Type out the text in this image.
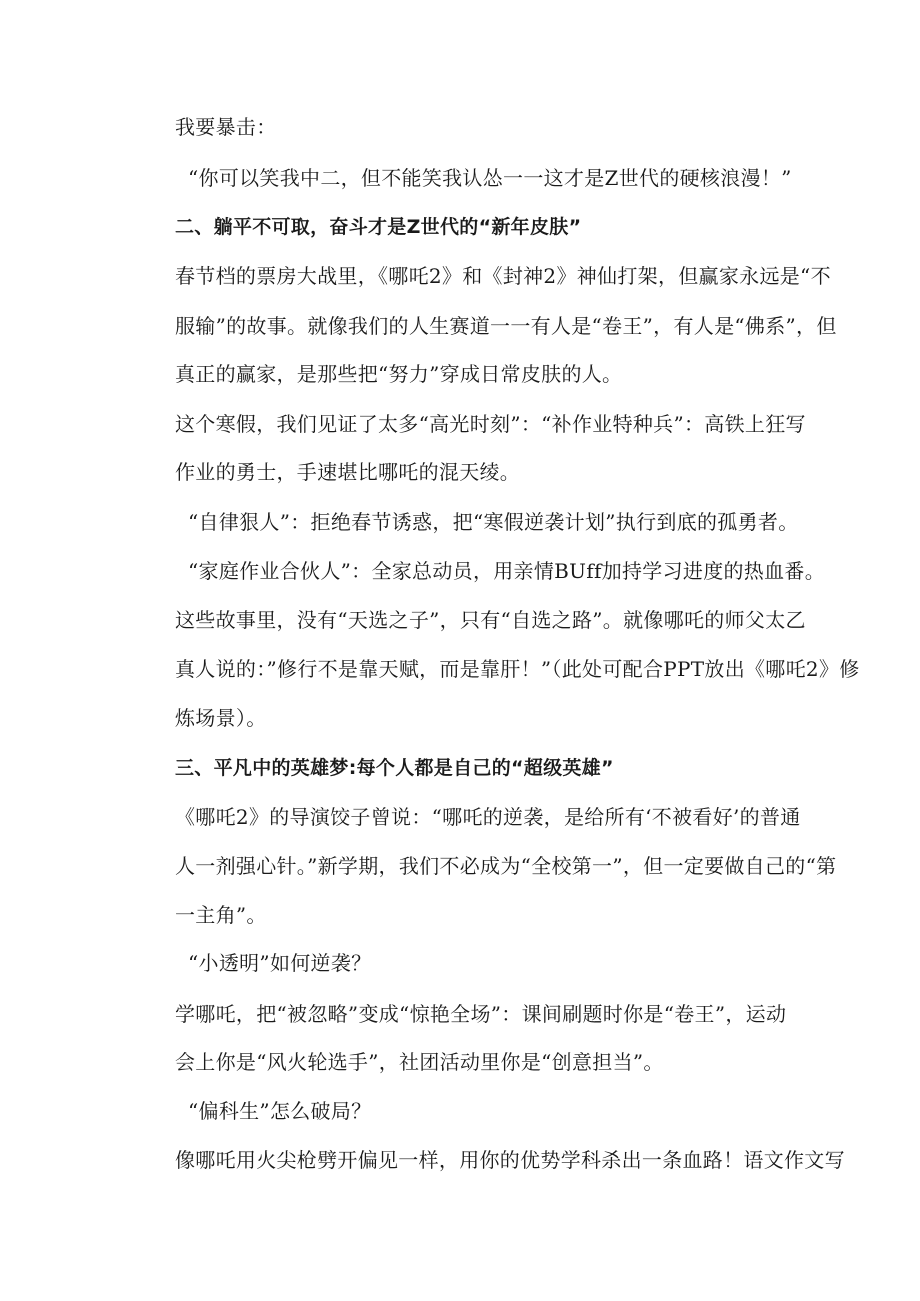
我要暴击：
“你可以笑我中二，但不能笑我认怂一一这才是Z世代的硬核浪漫！”
二、躺平不可取，奋斗才是Z世代的“新年皮肤”
春节档的票房大战里，《哪吒2》和《封神2》神仙打架，但赢家永远是“不
服输”的故事。就像我们的人生赛道一一有人是“卷王”，有人是“佛系”，但
真正的赢家，是那些把“努力”穿成日常皮肤的人。
这个寒假，我们见证了太多“高光时刻”：“补作业特种兵”：高铁上狂写
作业的勇士，手速堪比哪吒的混天绫。
“自律狠人”：拒绝春节诱惑，把“寒假逆袭计划”执行到底的孤勇者。
“家庭作业合伙人”：全家总动员，用亲情BUff加持学习进度的热血番。
这些故事里，没有“天选之子”，只有“自选之路”。就像哪吒的师父太乙
真人说的：”修行不是靠天赋，而是靠肝！”（此处可配合PPT放出《哪吒2》修
炼场景）。
三、平凡中的英雄梦:每个人都是自己的“超级英雄”
《哪吒2》的导演饺子曾说：“哪吒的逆袭，是给所有‘不被看好’的普通
人一剂强心针。”新学期，我们不必成为“全校第一”，但一定要做自己的“第
一主角”。
“小透明”如何逆袭？
学哪吒，把“被忽略”变成“惊艳全场”：课间刷题时你是“卷王”，运动
会上你是“风火轮选手”，社团活动里你是“创意担当”。
“偏科生”怎么破局？
像哪吒用火尖枪劈开偏见一样，用你的优势学科杀出一条血路！语文作文写
